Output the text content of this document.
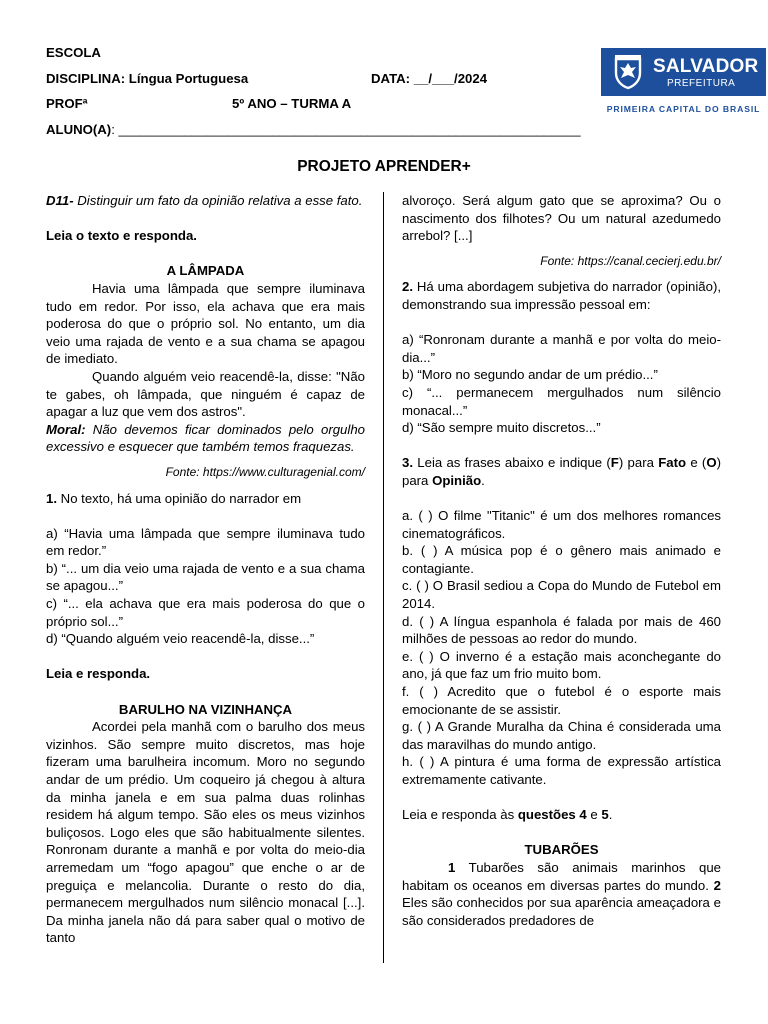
ESCOLA
DISCIPLINA: Língua Portuguesa	DATA: __/___/2024
PROFª	5º ANO – TURMA A
ALUNO(A): _______________________________________________________________
SALVADOR
PREFEITURA
PRIMEIRA CAPITAL DO BRASIL
PROJETO APRENDER+
D11- Distinguir um fato da opinião relativa a esse fato.
Leia o texto e responda.
A LÂMPADA
Havia uma lâmpada que sempre iluminava tudo em redor. Por isso, ela achava que era mais poderosa do que o próprio sol. No entanto, um dia veio uma rajada de vento e a sua chama se apagou de imediato.
Quando alguém veio reacendê-la, disse: "Não te gabes, oh lâmpada, que ninguém é capaz de apagar a luz que vem dos astros".
Moral: Não devemos ficar dominados pelo orgulho excessivo e esquecer que também temos fraquezas.
Fonte: https://www.culturagenial.com/
1. No texto, há uma opinião do narrador em
a) “Havia uma lâmpada que sempre iluminava tudo em redor.”
b) “... um dia veio uma rajada de vento e a sua chama se apagou...”
c) “... ela achava que era mais poderosa do que o próprio sol...”
d) “Quando alguém veio reacendê-la, disse...”
Leia e responda.
BARULHO NA VIZINHANÇA
Acordei pela manhã com o barulho dos meus vizinhos. São sempre muito discretos, mas hoje fizeram uma barulheira incomum. Moro no segundo andar de um prédio. Um coqueiro já chegou à altura da minha janela e em sua palma duas rolinhas residem há algum tempo. São eles os meus vizinhos buliçosos. Logo eles que são habitualmente silentes. Ronronam durante a manhã e por volta do meio-dia arremedam um “fogo apagou” que enche o ar de preguiça e melancolia. Durante o resto do dia, permanecem mergulhados num silêncio monacal [...]. Da minha janela não dá para saber qual o motivo de tanto
alvoroço. Será algum gato que se aproxima? Ou o nascimento dos filhotes? Ou um natural azedumedo arrebol? [...]
Fonte: https://canal.cecierj.edu.br/
2. Há uma abordagem subjetiva do narrador (opinião), demonstrando sua impressão pessoal em:
a) “Ronronam durante a manhã e por volta do meio-dia...”
b) “Moro no segundo andar de um prédio...”
c) “... permanecem mergulhados num silêncio monacal...”
d) “São sempre muito discretos...”
3. Leia as frases abaixo e indique (F) para Fato e (O) para Opinião.
a. ( ) O filme "Titanic" é um dos melhores romances cinematográficos.
b. ( ) A música pop é o gênero mais animado e contagiante.
c. ( ) O Brasil sediou a Copa do Mundo de Futebol em 2014.
d. ( ) A língua espanhola é falada por mais de 460 milhões de pessoas ao redor do mundo.
e. ( ) O inverno é a estação mais aconchegante do ano, já que faz um frio muito bom.
f. ( ) Acredito que o futebol é o esporte mais emocionante de se assistir.
g. ( ) A Grande Muralha da China é considerada uma das maravilhas do mundo antigo.
h. ( ) A pintura é uma forma de expressão artística extremamente cativante.
Leia e responda às questões 4 e 5.
TUBARÕES
1 Tubarões são animais marinhos que habitam os oceanos em diversas partes do mundo. 2 Eles são conhecidos por sua aparência ameaçadora e são considerados predadores de
